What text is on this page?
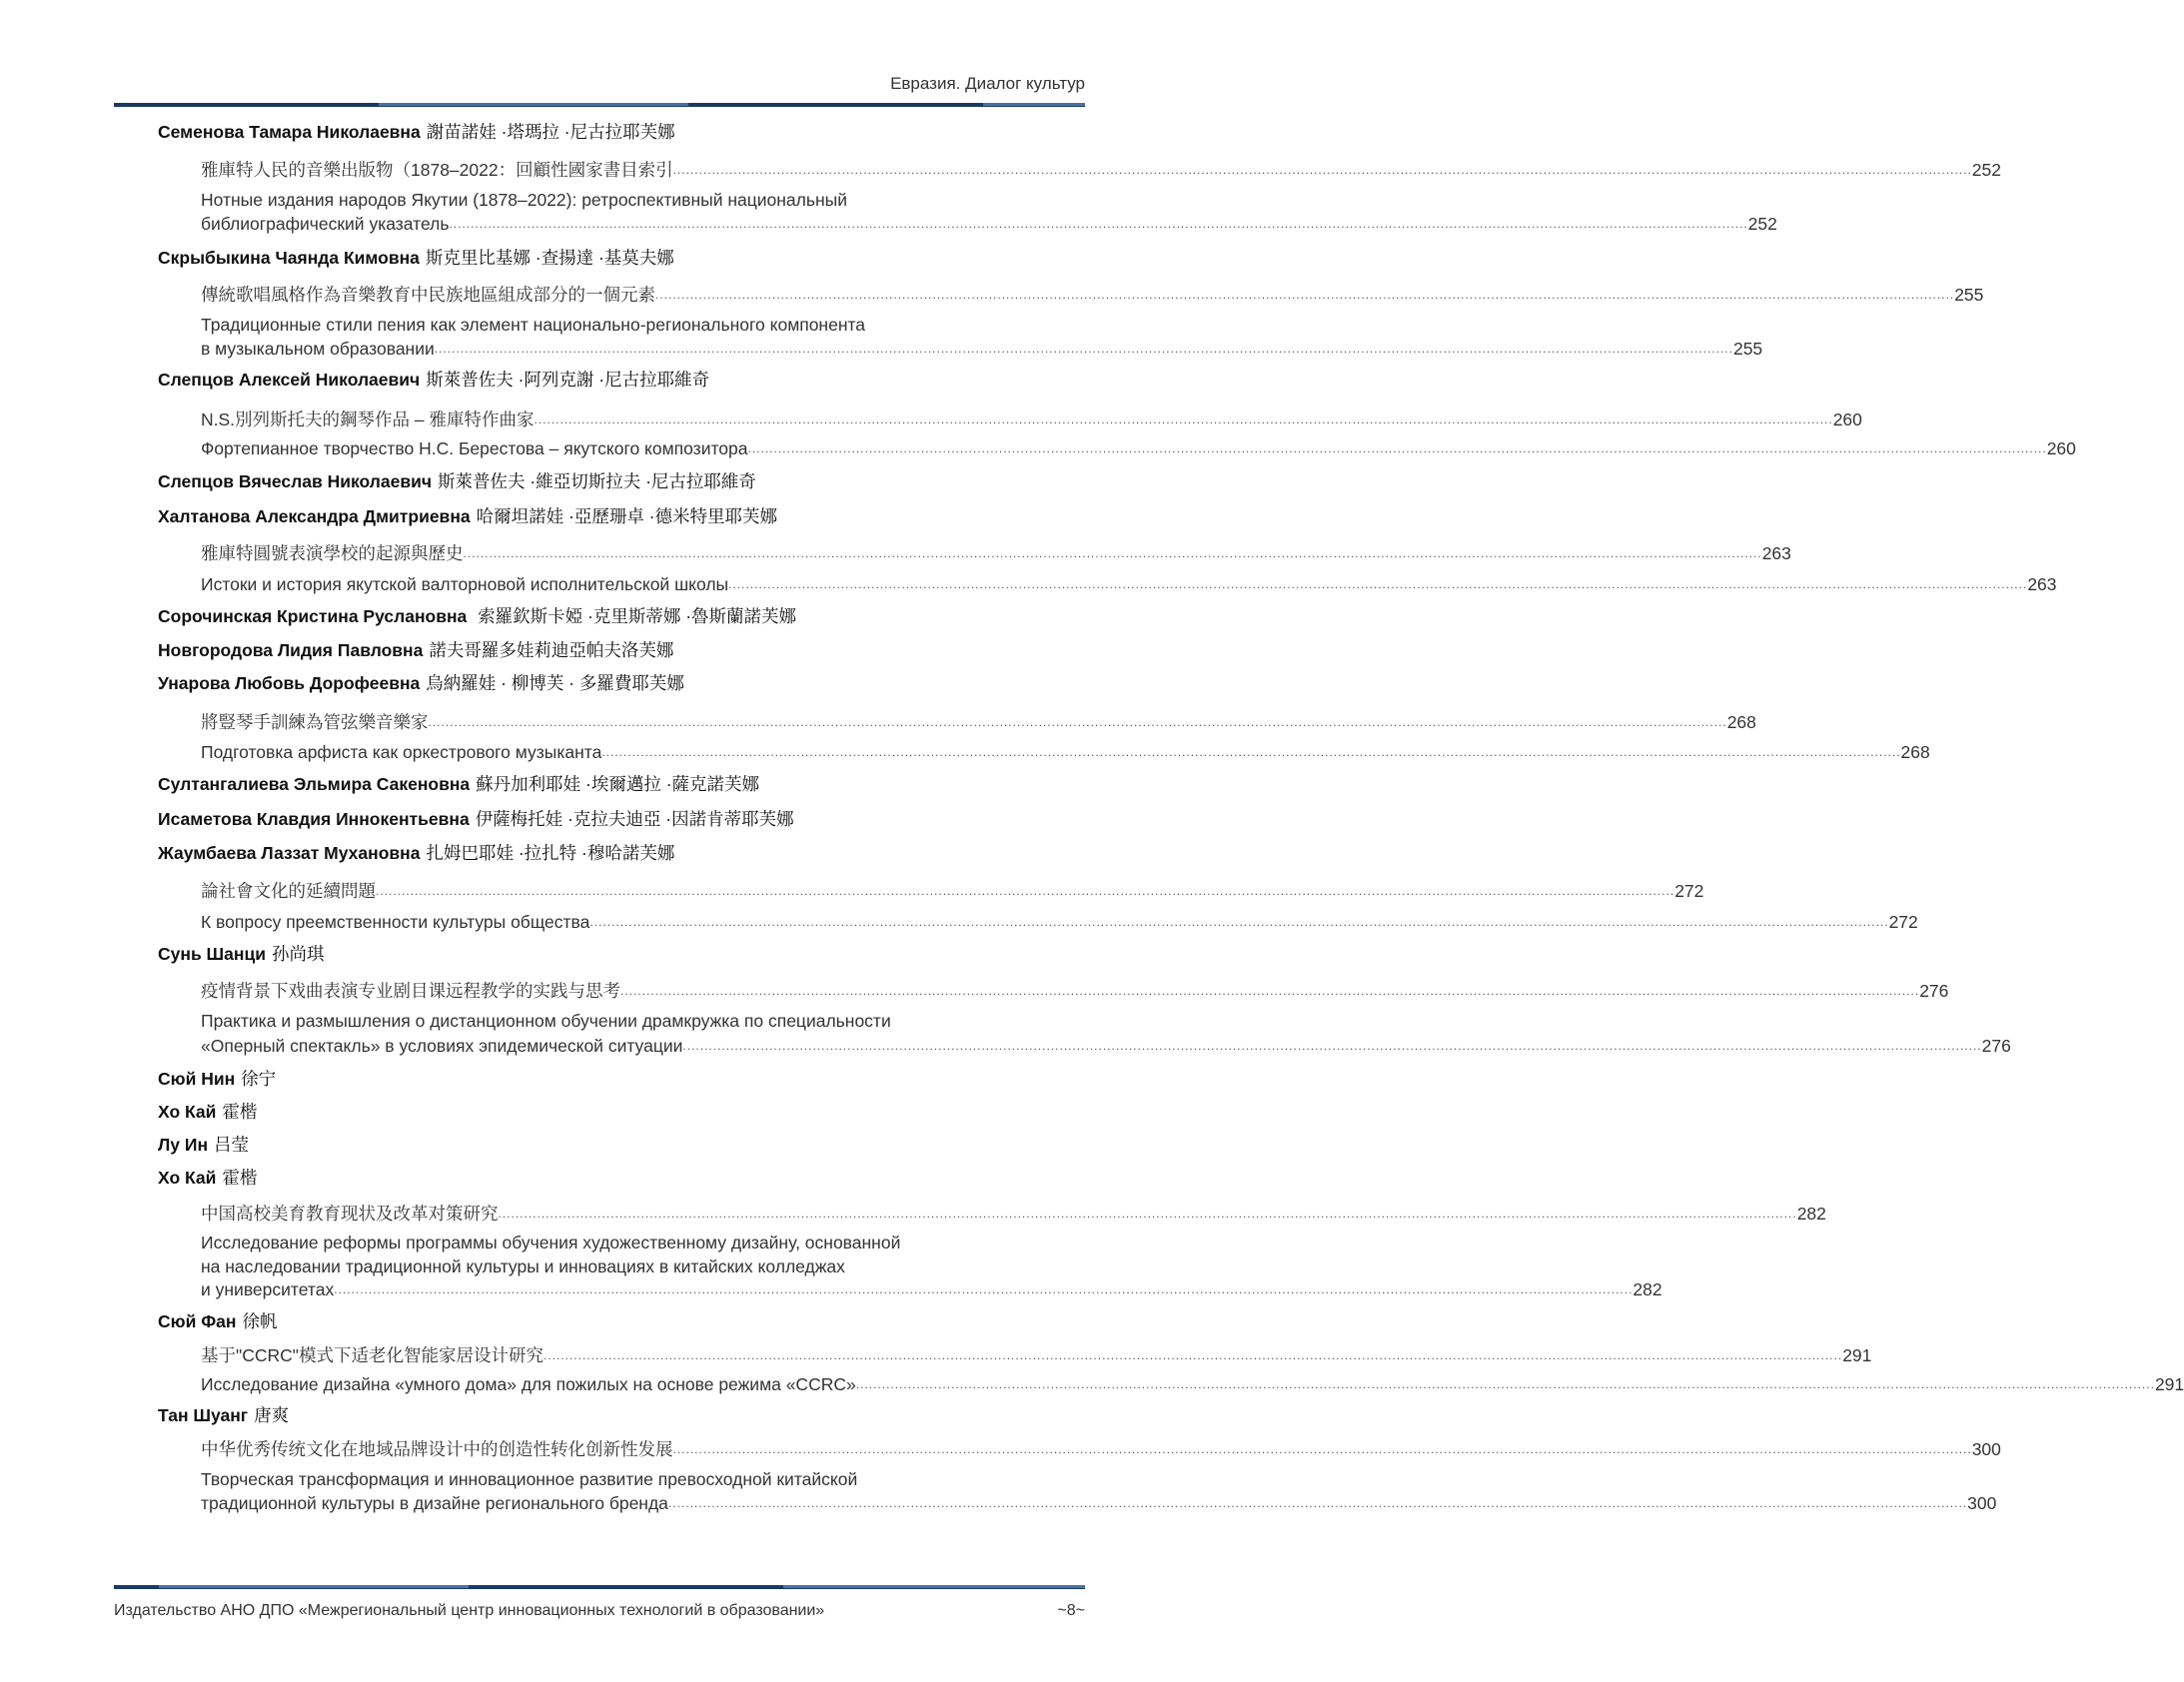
Евразия. Диалог культур
Семенова Тамара Николаевна 謝苗諾娃 ·塔瑪拉 ·尼古拉耶芙娜
雅庫特人民的音樂出版物（1878–2022：回顧性國家書目索引 ............................................................................................................................................................................................................................................................................................................ 252
Нотные издания народов Якутии (1878–2022): ретроспективный национальный
библиографический указатель ............................................................................................................................................................................................................................................................................................................ 252
Скрыбыкина Чаянда Кимовна 斯克里比基娜 ·查揚達 ·基莫夫娜
傳統歌唱風格作為音樂教育中民族地區組成部分的一個元素 ............................................................................................................................................................................................................................................................................................................ 255
Традиционные стили пения как элемент национально-регионального компонента
в музыкальном образовании ............................................................................................................................................................................................................................................................................................................ 255
Слепцов Алексей Николаевич 斯萊普佐夫 ·阿列克謝 ·尼古拉耶維奇
N.S.別列斯托夫的鋼琴作品 – 雅庫特作曲家 ............................................................................................................................................................................................................................................................................................................ 260
Фортепианное творчество Н.С. Берестова – якутского композитора ............................................................................................................................................................................................................................................................................................................ 260
Слепцов Вячеслав Николаевич 斯萊普佐夫 ·維亞切斯拉夫 ·尼古拉耶維奇
Халтанова Александра Дмитриевна 哈爾坦諾娃 ·亞歷珊卓 ·德米特里耶芙娜
雅庫特圓號表演學校的起源與歷史 ............................................................................................................................................................................................................................................................................................................ 263
Истоки и история якутской валторновой исполнительской школы ............................................................................................................................................................................................................................................................................................................ 263
Сорочинская Кристина Руслановна 索羅欽斯卡婭 ·克里斯蒂娜 ·魯斯蘭諾芙娜
Новгородова Лидия Павловна 諾夫哥羅多娃莉迪亞帕夫洛芙娜
Унарова Любовь Дорофеевна 烏納羅娃 · 柳博芙 · 多羅費耶芙娜
將豎琴手訓練為管弦樂音樂家 ............................................................................................................................................................................................................................................................................................................ 268
Подготовка арфиста как оркестрового музыканта ............................................................................................................................................................................................................................................................................................................ 268
Султангалиева Эльмира Сакеновна 蘇丹加利耶娃 ·埃爾邁拉 ·薩克諾芙娜
Исаметова Клавдия Иннокентьевна 伊薩梅托娃 ·克拉夫迪亞 ·因諾肯蒂耶芙娜
Жаумбаева Лаззат Мухановна 扎姆巴耶娃 ·拉扎特 ·穆哈諾芙娜
論社會文化的延續問題 ............................................................................................................................................................................................................................................................................................................ 272
К вопросу преемственности культуры общества ............................................................................................................................................................................................................................................................................................................ 272
Сунь Шанци 孙尚琪
疫情背景下戏曲表演专业剧目课远程教学的实践与思考 ............................................................................................................................................................................................................................................................................................................ 276
Практика и размышления о дистанционном обучении драмкружка по специальности
«Оперный спектакль» в условиях эпидемической ситуации ............................................................................................................................................................................................................................................................................................................ 276
Сюй Нин 徐宁
Хо Кай 霍楷
Лу Ин 吕莹
Хо Кай 霍楷
中国高校美育教育现状及改革对策研究 ............................................................................................................................................................................................................................................................................................................ 282
Исследование реформы программы обучения художественному дизайну, основанной
на наследовании традиционной культуры и инновациях в китайских колледжах
и университетах ............................................................................................................................................................................................................................................................................................................ 282
Сюй Фан 徐帆
基于"CCRC"模式下适老化智能家居设计研究 ............................................................................................................................................................................................................................................................................................................ 291
Исследование дизайна «умного дома» для пожилых на основе режима «CCRC» ............................................................................................................................................................................................................................................................................................................ 291
Тан Шуанг 唐爽
中华优秀传统文化在地域品牌设计中的创造性转化创新性发展 ............................................................................................................................................................................................................................................................................................................ 300
Творческая трансформация и инновационное развитие превосходной китайской
традиционной культуры в дизайне регионального бренда ............................................................................................................................................................................................................................................................................................................ 300
Издательство АНО ДПО «Межрегиональный центр инновационных технологий в образовании»	~8~
